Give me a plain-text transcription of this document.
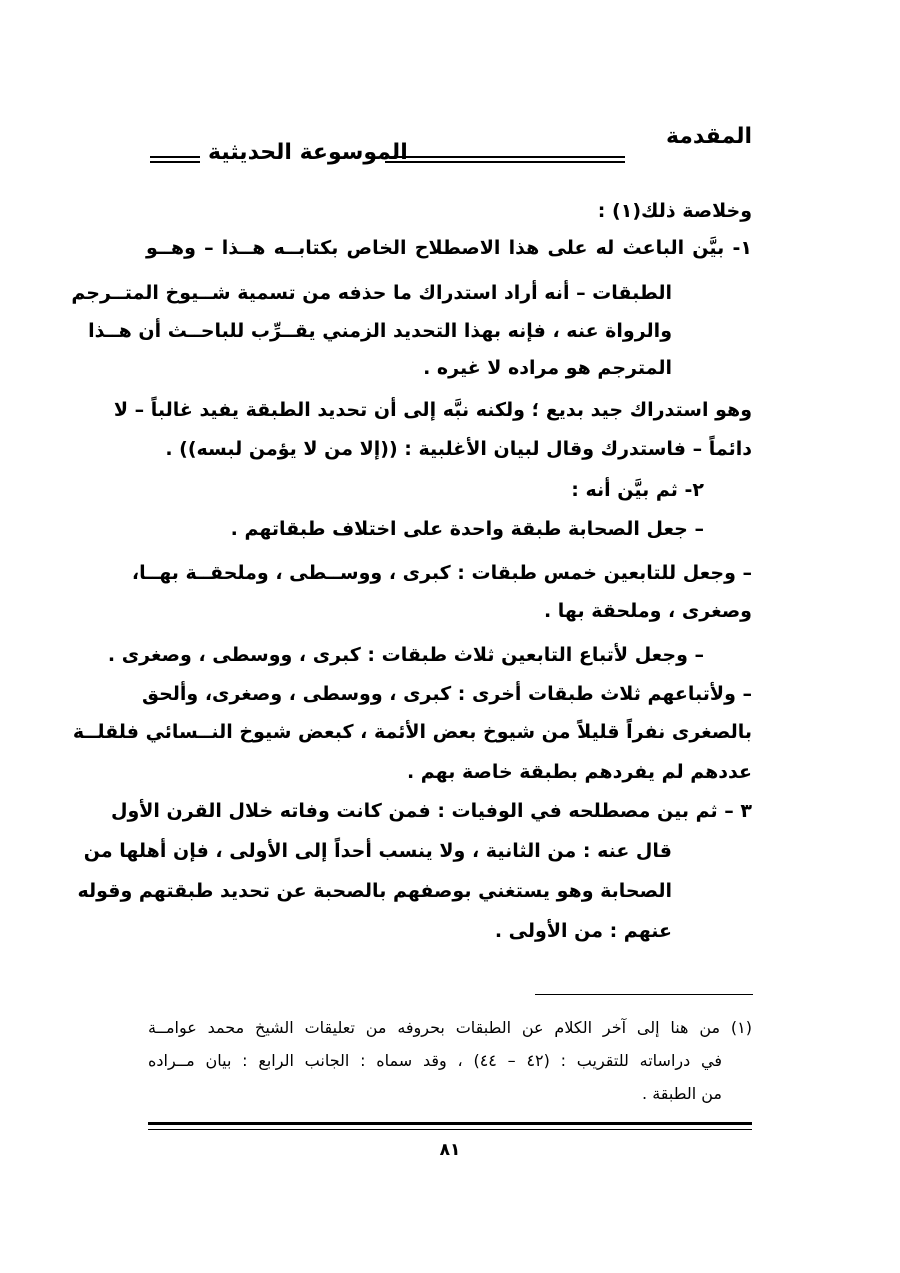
المقدمة
الموسوعة الحديثية
وخلاصة ذلك(١) :
١- بيَّن الباعث له على هذا الاصطلاح الخاص بكتابــه هــذا – وهــو
الطبقات – أنه أراد استدراك ما حذفه من تسمية شــيوخ المتــرجم
والرواة عنه ، فإنه بهذا التحديد الزمني يقــرِّب للباحــث أن هــذا
المترجم هو مراده لا غيره .
وهو استدراك جيد بديع ؛ ولكنه نبَّه إلى أن تحديد الطبقة يفيد غالباً – لا
دائماً – فاستدرك وقال لبيان الأغلبية : ((إلا من لا يؤمن لبسه)) .
٢- ثم بيَّن أنه :
– جعل الصحابة طبقة واحدة على اختلاف طبقاتهم .
– وجعل للتابعين خمس طبقات : كبرى ، ووســطى ، وملحقــة بهــا،
وصغرى ، وملحقة بها .
– وجعل لأتباع التابعين ثلاث طبقات : كبرى ، ووسطى ، وصغرى .
– ولأتباعهم ثلاث طبقات أخرى : كبرى ، ووسطى ، وصغرى، وألحق
بالصغرى نفراً قليلاً من شيوخ بعض الأئمة ، كبعض شيوخ النــسائي فلقلــة
عددهم لم يفردهم بطبقة خاصة بهم .
٣ – ثم بين مصطلحه في الوفيات : فمن كانت وفاته خلال القرن الأول
قال عنه : من الثانية ، ولا ينسب أحداً إلى الأولى ، فإن أهلها من
الصحابة وهو يستغني بوصفهم بالصحبة عن تحديد طبقتهم وقوله
عنهم : من الأولى .
(١) من هنا إلى آخر الكلام عن الطبقات بحروفه من تعليقات الشيخ محمد عوامــة
في دراساته للتقريب : (٤٢ – ٤٤) ، وقد سماه : الجانب الرابع : بيان مــراده
من الطبقة .
٨١
